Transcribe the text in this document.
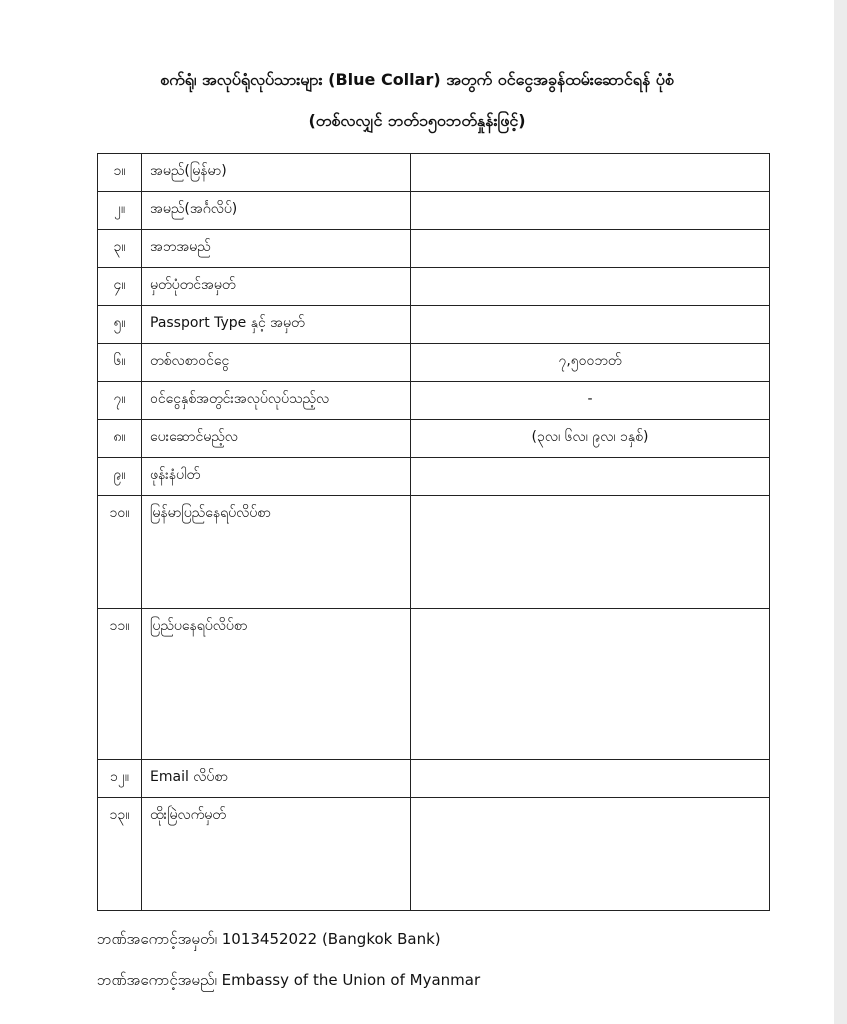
စက်ရုံ၊ အလုပ်ရုံလုပ်သားများ (Blue Collar) အတွက် ဝင်ငွေအခွန်ထမ်းဆောင်ရန် ပုံစံ
(တစ်လလျှင် ဘတ်၁၅၀ဘတ်နှုန်းဖြင့်)
၁။	အမည်(မြန်မာ)	
၂။	အမည်(အင်္ဂလိပ်)	
၃။	အဘအမည်	
၄။	မှတ်ပုံတင်အမှတ်	
၅။	Passport Type နှင့် အမှတ်	
၆။	တစ်လစာဝင်ငွေ	၇,၅၀၀ဘတ်
၇။	ဝင်ငွေနှစ်အတွင်းအလုပ်လုပ်သည့်လ	-
၈။	ပေးဆောင်မည့်လ	(၃လ၊ ၆လ၊ ၉လ၊ ၁နှစ်)
၉။	ဖုန်းနံပါတ်	
၁၀။	မြန်မာပြည်နေရပ်လိပ်စာ	
၁၁။	ပြည်ပနေရပ်လိပ်စာ	
၁၂။	Email လိပ်စာ	
၁၃။	ထိုးမြဲလက်မှတ်	
ဘဏ်အကောင့်အမှတ်၊ 1013452022 (Bangkok Bank)
ဘဏ်အကောင့်အမည်၊ Embassy of the Union of Myanmar
